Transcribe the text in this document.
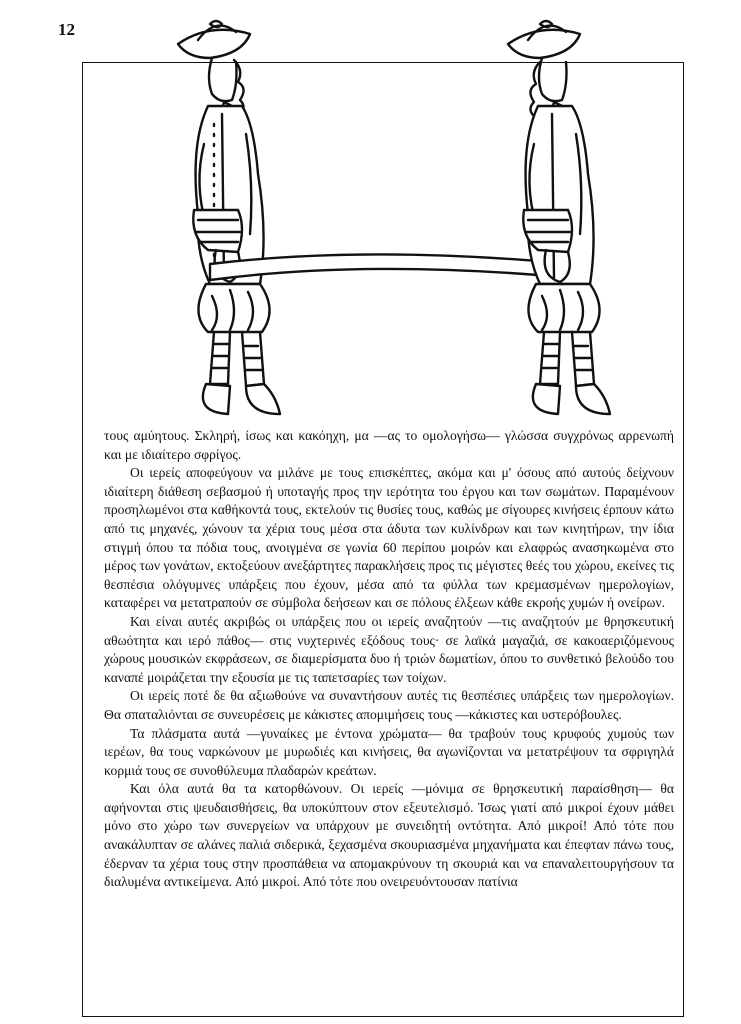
12

τους αμύητους. Σκληρή, ίσως και κακόηχη, μα —ας το ομολογήσω— γλώσσα συγχρόνως αρρενωπή και με ιδιαίτερο σφρίγος.

Οι ιερείς αποφεύγουν να μιλάνε με τους επισκέπτες, ακόμα και μ' όσους από αυτούς δείχνουν ιδιαίτερη διάθεση σεβασμού ή υποταγής προς την ιερότητα του έργου και των σωμάτων. Παραμένουν προσηλωμένοι στα καθήκοντά τους, εκτελούν τις θυσίες τους, καθώς με σίγουρες κινήσεις έρπουν κάτω από τις μηχανές, χώνουν τα χέρια τους μέσα στα άδυτα των κυλίνδρων και των κινητήρων, την ίδια στιγμή όπου τα πόδια τους, ανοιγμένα σε γωνία 60 περίπου μοιρών και ελαφρώς ανασηκωμένα στο μέρος των γονάτων, εκτοξεύουν ανεξάρτητες παρακλήσεις προς τις μέγιστες θεές του χώρου, εκείνες τις θεσπέσια ολόγυμνες υπάρξεις που έχουν, μέσα από τα φύλλα των κρεμασμένων ημερολογίων, καταφέρει να μετατραπούν σε σύμβολα δεήσεων και σε πόλους έλξεων κάθε εκροής χυμών ή ονείρων.

Και είναι αυτές ακριβώς οι υπάρξεις που οι ιερείς αναζητούν —τις αναζητούν με θρησκευτική αθωότητα και ιερό πάθος— στις νυχτερινές εξόδους τους· σε λαϊκά μαγαζιά, σε κακοαεριζόμενους χώρους μουσικών εκφράσεων, σε διαμερίσματα δυο ή τριών δωματίων, όπου το συνθετικό βελούδο του καναπέ μοιράζεται την εξουσία με τις ταπετσαρίες των τοίχων.

Οι ιερείς ποτέ δε θα αξιωθούνε να συναντήσουν αυτές τις θεσπέσιες υπάρξεις των ημερολογίων. Θα σπαταλιόνται σε συνευρέσεις με κάκιστες απομιμήσεις τους —κάκιστες και υστερόβουλες.

Τα πλάσματα αυτά —γυναίκες με έντονα χρώματα— θα τραβούν τους κρυφούς χυμούς των ιερέων, θα τους ναρκώνουν με μυρωδιές και κινήσεις, θα αγωνίζονται να μετατρέψουν τα σφριγηλά κορμιά τους σε συνοθύλευμα πλαδαρών κρεάτων.

Και όλα αυτά θα τα κατορθώνουν. Οι ιερείς —μόνιμα σε θρησκευτική παραίσθηση— θα αφήνονται στις ψευδαισθήσεις, θα υποκύπτουν στον εξευτελισμό. Ίσως γιατί από μικροί έχουν μάθει μόνο στο χώρο των συνεργείων να υπάρχουν με συνειδητή οντότητα. Από μικροί! Από τότε που ανακάλυπταν σε αλάνες παλιά σιδερικά, ξεχασμένα σκουριασμένα μηχανήματα και έπεφταν πάνω τους, έδερναν τα χέρια τους στην προσπάθεια να απομακρύνουν τη σκουριά και να επαναλειτουργήσουν τα διαλυμένα αντικείμενα. Από μικροί. Από τότε που ονειρευόντουσαν πατίνια
